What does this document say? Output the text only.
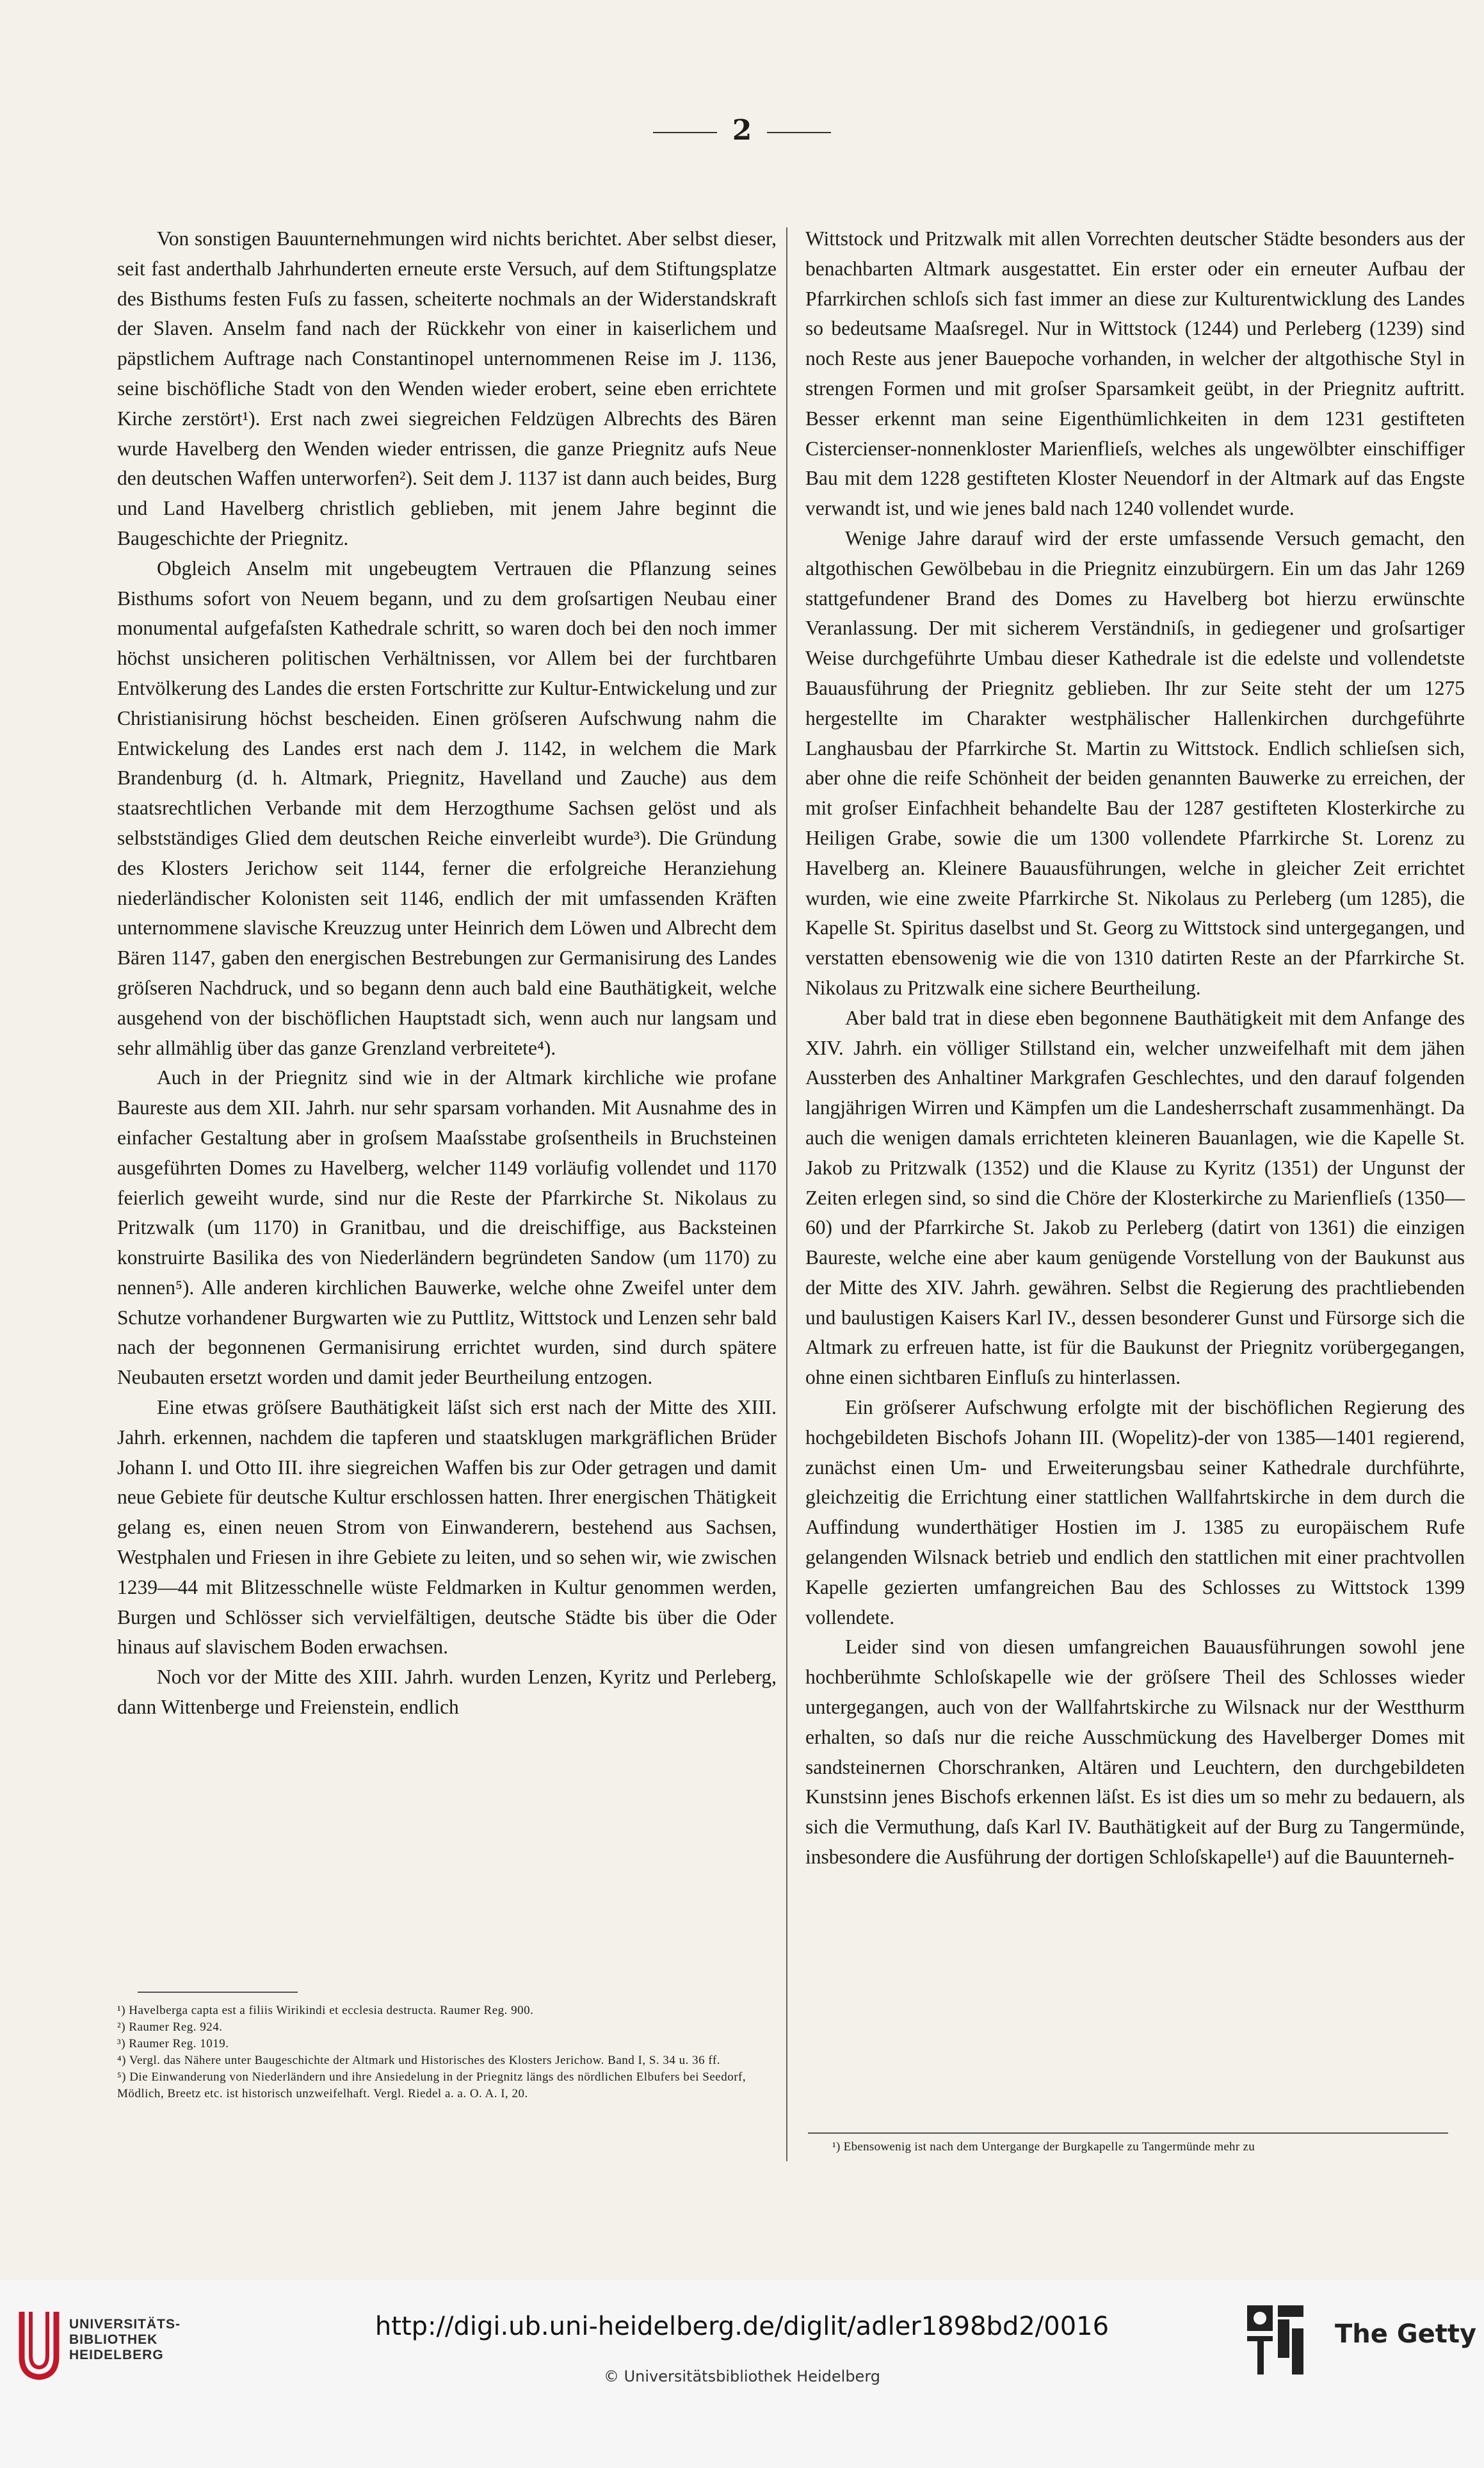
2

Von sonstigen Bauunternehmungen wird nichts berichtet. Aber selbst dieser, seit fast anderthalb Jahrhunderten erneute erste Versuch, auf dem Stiftungsplatze des Bisthums festen Fuſs zu fassen, scheiterte nochmals an der Widerstandskraft der Slaven. Anselm fand nach der Rückkehr von einer in kaiserlichem und päpstlichem Auftrage nach Constantinopel unternommenen Reise im J. 1136, seine bischöfliche Stadt von den Wenden wieder erobert, seine eben errichtete Kirche zerstört¹). Erst nach zwei siegreichen Feldzügen Albrechts des Bären wurde Havelberg den Wenden wieder entrissen, die ganze Priegnitz aufs Neue den deutschen Waffen unterworfen²). Seit dem J. 1137 ist dann auch beides, Burg und Land Havelberg christlich geblieben, mit jenem Jahre beginnt die Baugeschichte der Priegnitz.

Obgleich Anselm mit ungebeugtem Vertrauen die Pflanzung seines Bisthums sofort von Neuem begann, und zu dem groſsartigen Neubau einer monumental aufgefaſsten Kathedrale schritt, so waren doch bei den noch immer höchst unsicheren politischen Verhältnissen, vor Allem bei der furchtbaren Entvölkerung des Landes die ersten Fortschritte zur Kultur-Entwickelung und zur Christianisirung höchst bescheiden. Einen gröſseren Aufschwung nahm die Entwickelung des Landes erst nach dem J. 1142, in welchem die Mark Brandenburg (d. h. Altmark, Priegnitz, Havelland und Zauche) aus dem staatsrechtlichen Verbande mit dem Herzogthume Sachsen gelöst und als selbstständiges Glied dem deutschen Reiche einverleibt wurde³). Die Gründung des Klosters Jerichow seit 1144, ferner die erfolgreiche Heranziehung niederländischer Kolonisten seit 1146, endlich der mit umfassenden Kräften unternommene slavische Kreuzzug unter Heinrich dem Löwen und Albrecht dem Bären 1147, gaben den energischen Bestrebungen zur Germanisirung des Landes gröſseren Nachdruck, und so begann denn auch bald eine Bauthätigkeit, welche ausgehend von der bischöflichen Hauptstadt sich, wenn auch nur langsam und sehr allmählig über das ganze Grenzland verbreitete⁴).

Auch in der Priegnitz sind wie in der Altmark kirchliche wie profane Baureste aus dem XII. Jahrh. nur sehr sparsam vorhanden. Mit Ausnahme des in einfacher Gestaltung aber in groſsem Maaſsstabe groſsentheils in Bruchsteinen ausgeführten Domes zu Havelberg, welcher 1149 vorläufig vollendet und 1170 feierlich geweiht wurde, sind nur die Reste der Pfarrkirche St. Nikolaus zu Pritzwalk (um 1170) in Granitbau, und die dreischiffige, aus Backsteinen konstruirte Basilika des von Niederländern begründeten Sandow (um 1170) zu nennen⁵). Alle anderen kirchlichen Bauwerke, welche ohne Zweifel unter dem Schutze vorhandener Burgwarten wie zu Puttlitz, Wittstock und Lenzen sehr bald nach der begonnenen Germanisirung errichtet wurden, sind durch spätere Neubauten ersetzt worden und damit jeder Beurtheilung entzogen.

Eine etwas gröſsere Bauthätigkeit läſst sich erst nach der Mitte des XIII. Jahrh. erkennen, nachdem die tapferen und staatsklugen markgräflichen Brüder Johann I. und Otto III. ihre siegreichen Waffen bis zur Oder getragen und damit neue Gebiete für deutsche Kultur erschlossen hatten. Ihrer energischen Thätigkeit gelang es, einen neuen Strom von Einwanderern, bestehend aus Sachsen, Westphalen und Friesen in ihre Gebiete zu leiten, und so sehen wir, wie zwischen 1239—44 mit Blitzesschnelle wüste Feldmarken in Kultur genommen werden, Burgen und Schlösser sich vervielfältigen, deutsche Städte bis über die Oder hinaus auf slavischem Boden erwachsen.

Noch vor der Mitte des XIII. Jahrh. wurden Lenzen, Kyritz und Perleberg, dann Wittenberge und Freienstein, endlich

Wittstock und Pritzwalk mit allen Vorrechten deutscher Städte besonders aus der benachbarten Altmark ausgestattet. Ein erster oder ein erneuter Aufbau der Pfarrkirchen schloſs sich fast immer an diese zur Kulturentwicklung des Landes so bedeutsame Maaſsregel. Nur in Wittstock (1244) und Perleberg (1239) sind noch Reste aus jener Bauepoche vorhanden, in welcher der altgothische Styl in strengen Formen und mit groſser Sparsamkeit geübt, in der Priegnitz auftritt. Besser erkennt man seine Eigenthümlichkeiten in dem 1231 gestifteten Cistercienser-nonnenkloster Marienflieſs, welches als ungewölbter einschiffiger Bau mit dem 1228 gestifteten Kloster Neuendorf in der Altmark auf das Engste verwandt ist, und wie jenes bald nach 1240 vollendet wurde.

Wenige Jahre darauf wird der erste umfassende Versuch gemacht, den altgothischen Gewölbebau in die Priegnitz einzubürgern. Ein um das Jahr 1269 stattgefundener Brand des Domes zu Havelberg bot hierzu erwünschte Veranlassung. Der mit sicherem Verständniſs, in gediegener und groſsartiger Weise durchgeführte Umbau dieser Kathedrale ist die edelste und vollendetste Bauausführung der Priegnitz geblieben. Ihr zur Seite steht der um 1275 hergestellte im Charakter westphälischer Hallenkirchen durchgeführte Langhausbau der Pfarrkirche St. Martin zu Wittstock. Endlich schlieſsen sich, aber ohne die reife Schönheit der beiden genannten Bauwerke zu erreichen, der mit groſser Einfachheit behandelte Bau der 1287 gestifteten Klosterkirche zu Heiligen Grabe, sowie die um 1300 vollendete Pfarrkirche St. Lorenz zu Havelberg an. Kleinere Bauausführungen, welche in gleicher Zeit errichtet wurden, wie eine zweite Pfarrkirche St. Nikolaus zu Perleberg (um 1285), die Kapelle St. Spiritus daselbst und St. Georg zu Wittstock sind untergegangen, und verstatten ebensowenig wie die von 1310 datirten Reste an der Pfarrkirche St. Nikolaus zu Pritzwalk eine sichere Beurtheilung.

Aber bald trat in diese eben begonnene Bauthätigkeit mit dem Anfange des XIV. Jahrh. ein völliger Stillstand ein, welcher unzweifelhaft mit dem jähen Aussterben des Anhaltiner Markgrafen Geschlechtes, und den darauf folgenden langjährigen Wirren und Kämpfen um die Landesherrschaft zusammenhängt. Da auch die wenigen damals errichteten kleineren Bauanlagen, wie die Kapelle St. Jakob zu Pritzwalk (1352) und die Klause zu Kyritz (1351) der Ungunst der Zeiten erlegen sind, so sind die Chöre der Klosterkirche zu Marienflieſs (1350—60) und der Pfarrkirche St. Jakob zu Perleberg (datirt von 1361) die einzigen Baureste, welche eine aber kaum genügende Vorstellung von der Baukunst aus der Mitte des XIV. Jahrh. gewähren. Selbst die Regierung des prachtliebenden und baulustigen Kaisers Karl IV., dessen besonderer Gunst und Fürsorge sich die Altmark zu erfreuen hatte, ist für die Baukunst der Priegnitz vorübergegangen, ohne einen sichtbaren Einfluſs zu hinterlassen.

Ein gröſserer Aufschwung erfolgte mit der bischöflichen Regierung des hochgebildeten Bischofs Johann III. (Wopelitz)-der von 1385—1401 regierend, zunächst einen Um- und Erweiterungsbau seiner Kathedrale durchführte, gleichzeitig die Errichtung einer stattlichen Wallfahrtskirche in dem durch die Auffindung wunderthätiger Hostien im J. 1385 zu europäischem Rufe gelangenden Wilsnack betrieb und endlich den stattlichen mit einer prachtvollen Kapelle gezierten umfangreichen Bau des Schlosses zu Wittstock 1399 vollendete.

Leider sind von diesen umfangreichen Bauausführungen sowohl jene hochberühmte Schloſskapelle wie der gröſsere Theil des Schlosses wieder untergegangen, auch von der Wallfahrtskirche zu Wilsnack nur der Westthurm erhalten, so daſs nur die reiche Ausschmückung des Havelberger Domes mit sandsteinernen Chorschranken, Altären und Leuchtern, den durchgebildeten Kunstsinn jenes Bischofs erkennen läſst. Es ist dies um so mehr zu bedauern, als sich die Vermuthung, daſs Karl IV. Bauthätigkeit auf der Burg zu Tangermünde, insbesondere die Ausführung der dortigen Schloſskapelle¹) auf die Bauunterneh-

¹) Havelberga capta est a filiis Wirikindi et ecclesia destructa. Raumer Reg. 900.
²) Raumer Reg. 924.
³) Raumer Reg. 1019.
⁴) Vergl. das Nähere unter Baugeschichte der Altmark und Historisches des Klosters Jerichow. Band I, S. 34 u. 36 ff.
⁵) Die Einwanderung von Niederländern und ihre Ansiedelung in der Priegnitz längs des nördlichen Elbufers bei Seedorf, Mödlich, Breetz etc. ist historisch unzweifelhaft. Vergl. Riedel a. a. O. A. I, 20.
¹) Ebensowenig ist nach dem Untergange der Burgkapelle zu Tangermünde mehr zu
UNIVERSITÄTS-
BIBLIOTHEK
HEIDELBERG
http://digi.ub.uni-heidelberg.de/diglit/adler1898bd2/0016
© Universitätsbibliothek Heidelberg
The Getty
